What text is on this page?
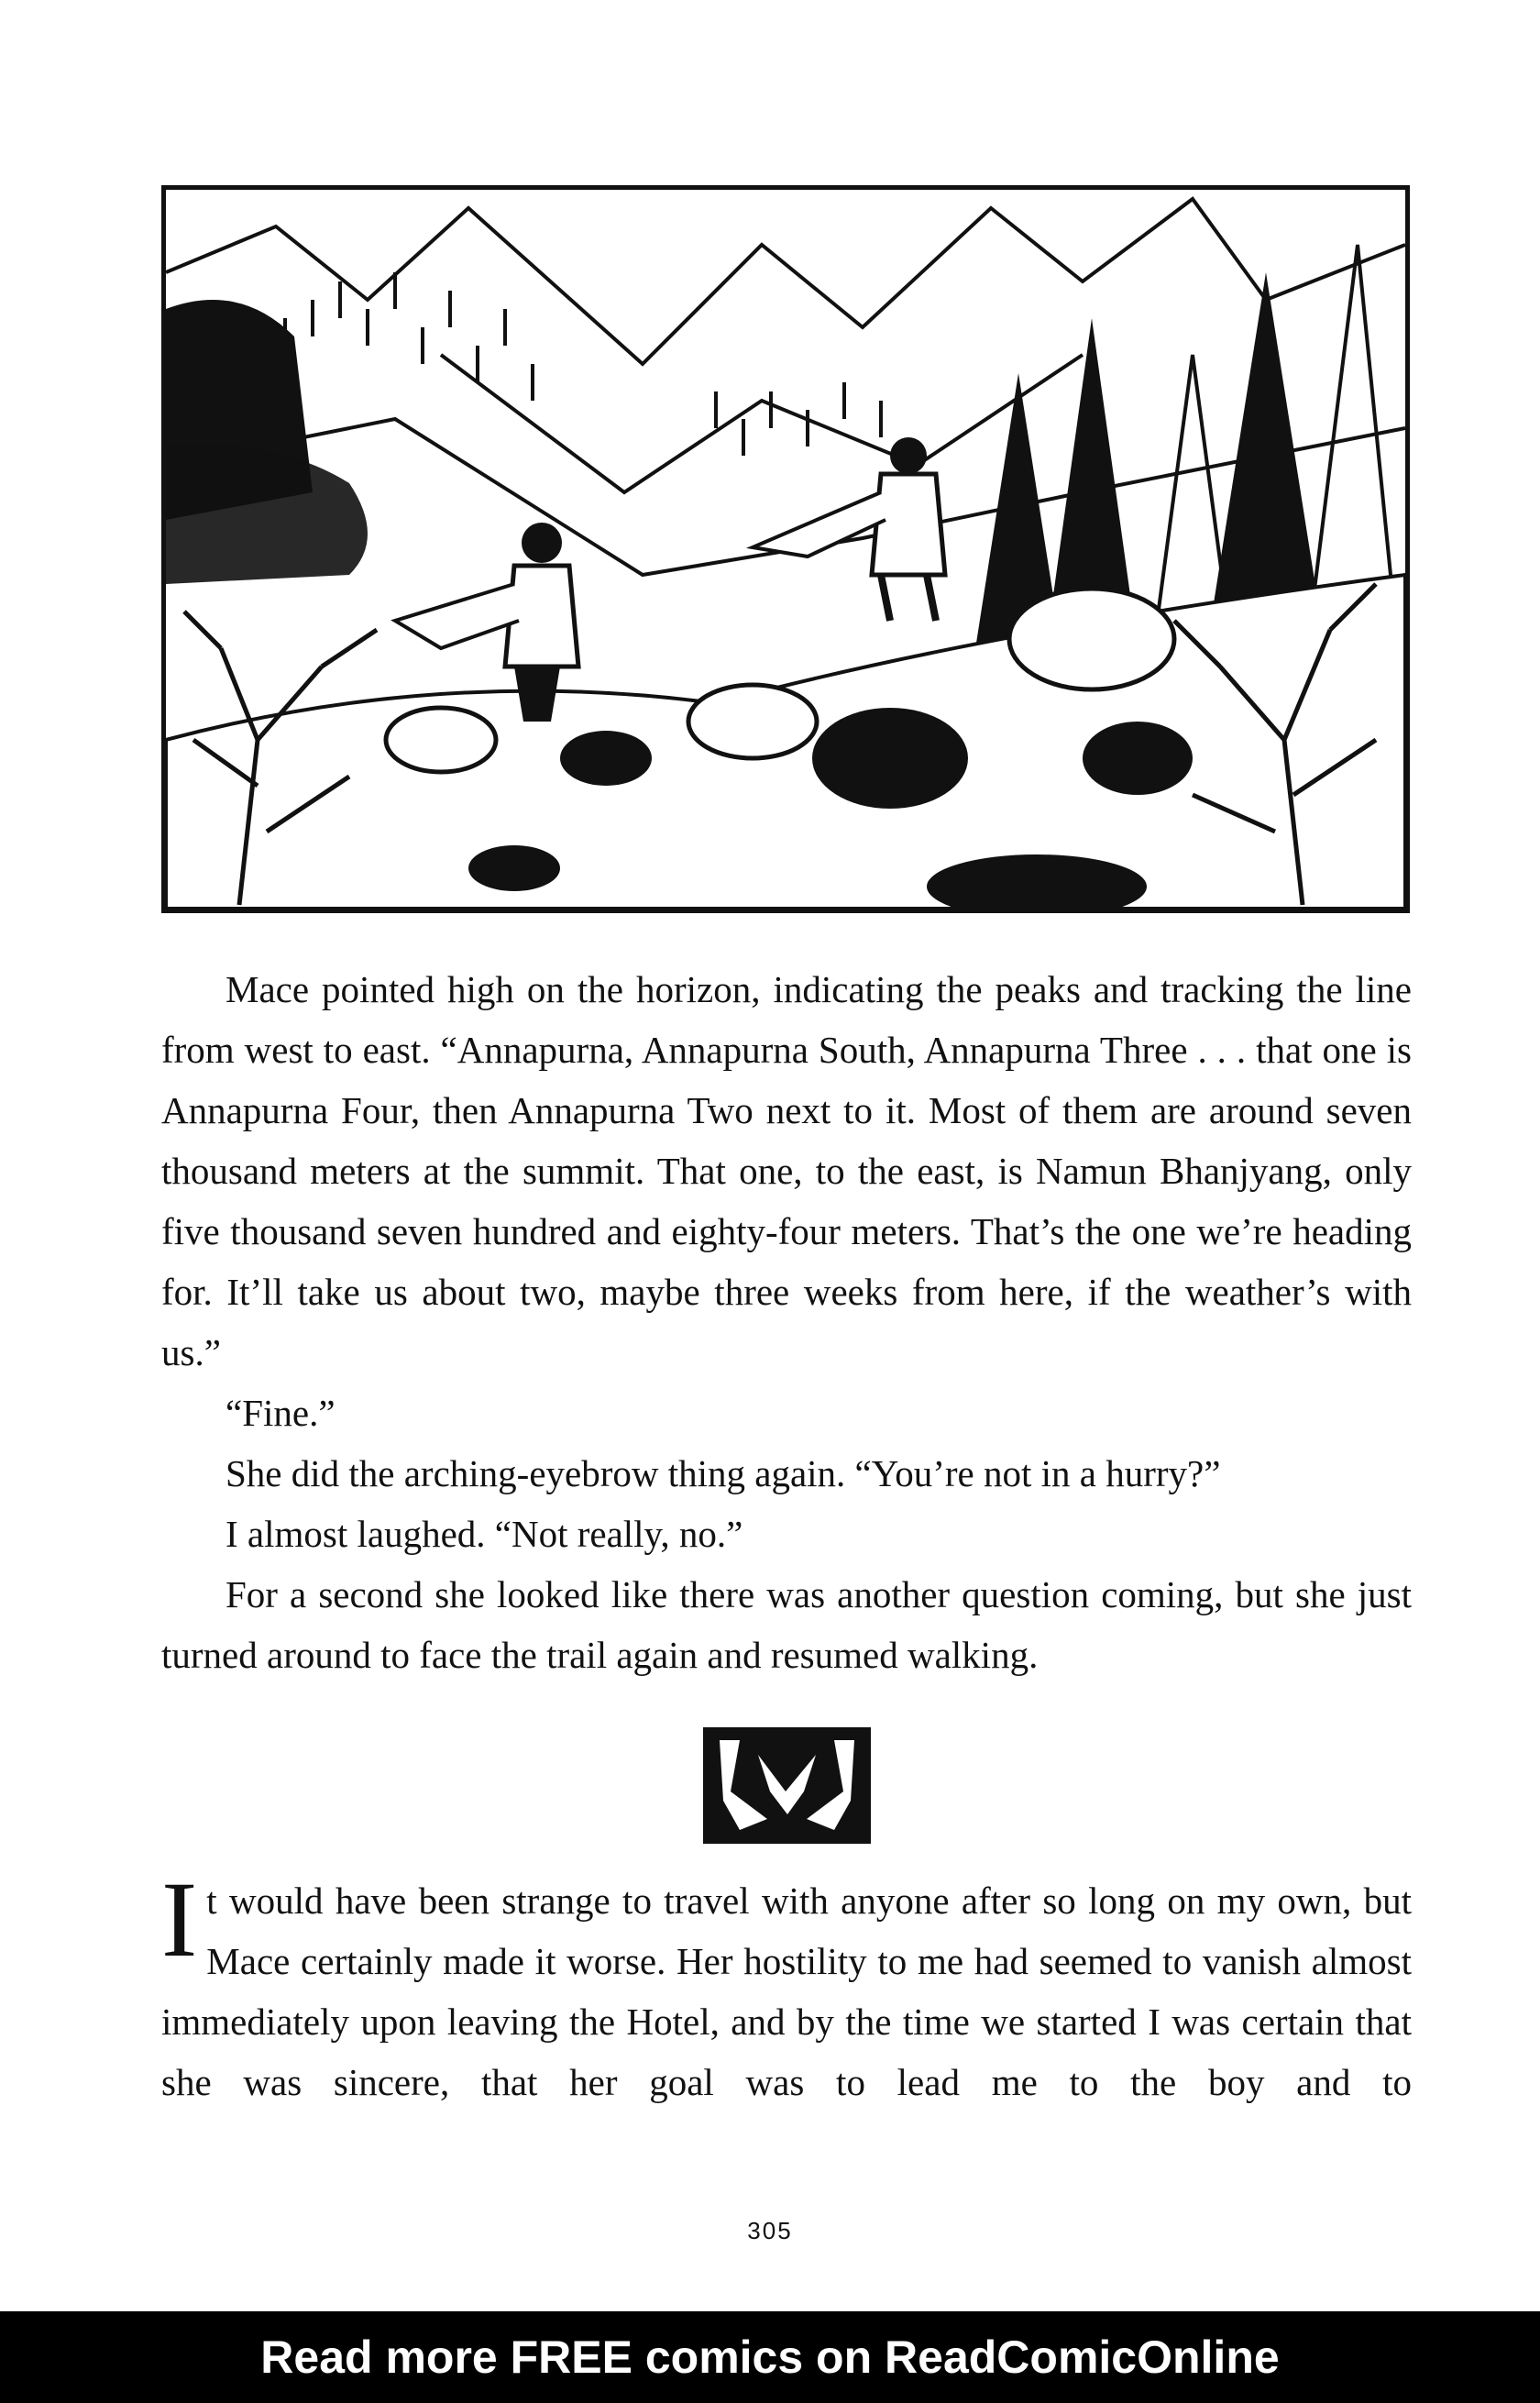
Mace pointed high on the horizon, indicating the peaks and tracking the line from west to east. “Annapurna, Annapurna South, Annapurna Three . . . that one is Annapurna Four, then Annapurna Two next to it. Most of them are around seven thousand meters at the summit. That one, to the east, is Namun Bhanjyang, only five thousand seven hundred and eighty-four meters. That’s the one we’re heading for. It’ll take us about two, maybe three weeks from here, if the weather’s with us.”

“Fine.”

She did the arching-eyebrow thing again. “You’re not in a hurry?”

I almost laughed. “Not really, no.”

For a second she looked like there was another question coming, but she just turned around to face the trail again and resumed walking.

It would have been strange to travel with anyone after so long on my own, but Mace certainly made it worse. Her hostility to me had seemed to vanish almost immediately upon leaving the Hotel, and by the time we started I was certain that she was sincere, that her goal was to lead me to the boy and to
305
Read more FREE comics on ReadComicOnline
